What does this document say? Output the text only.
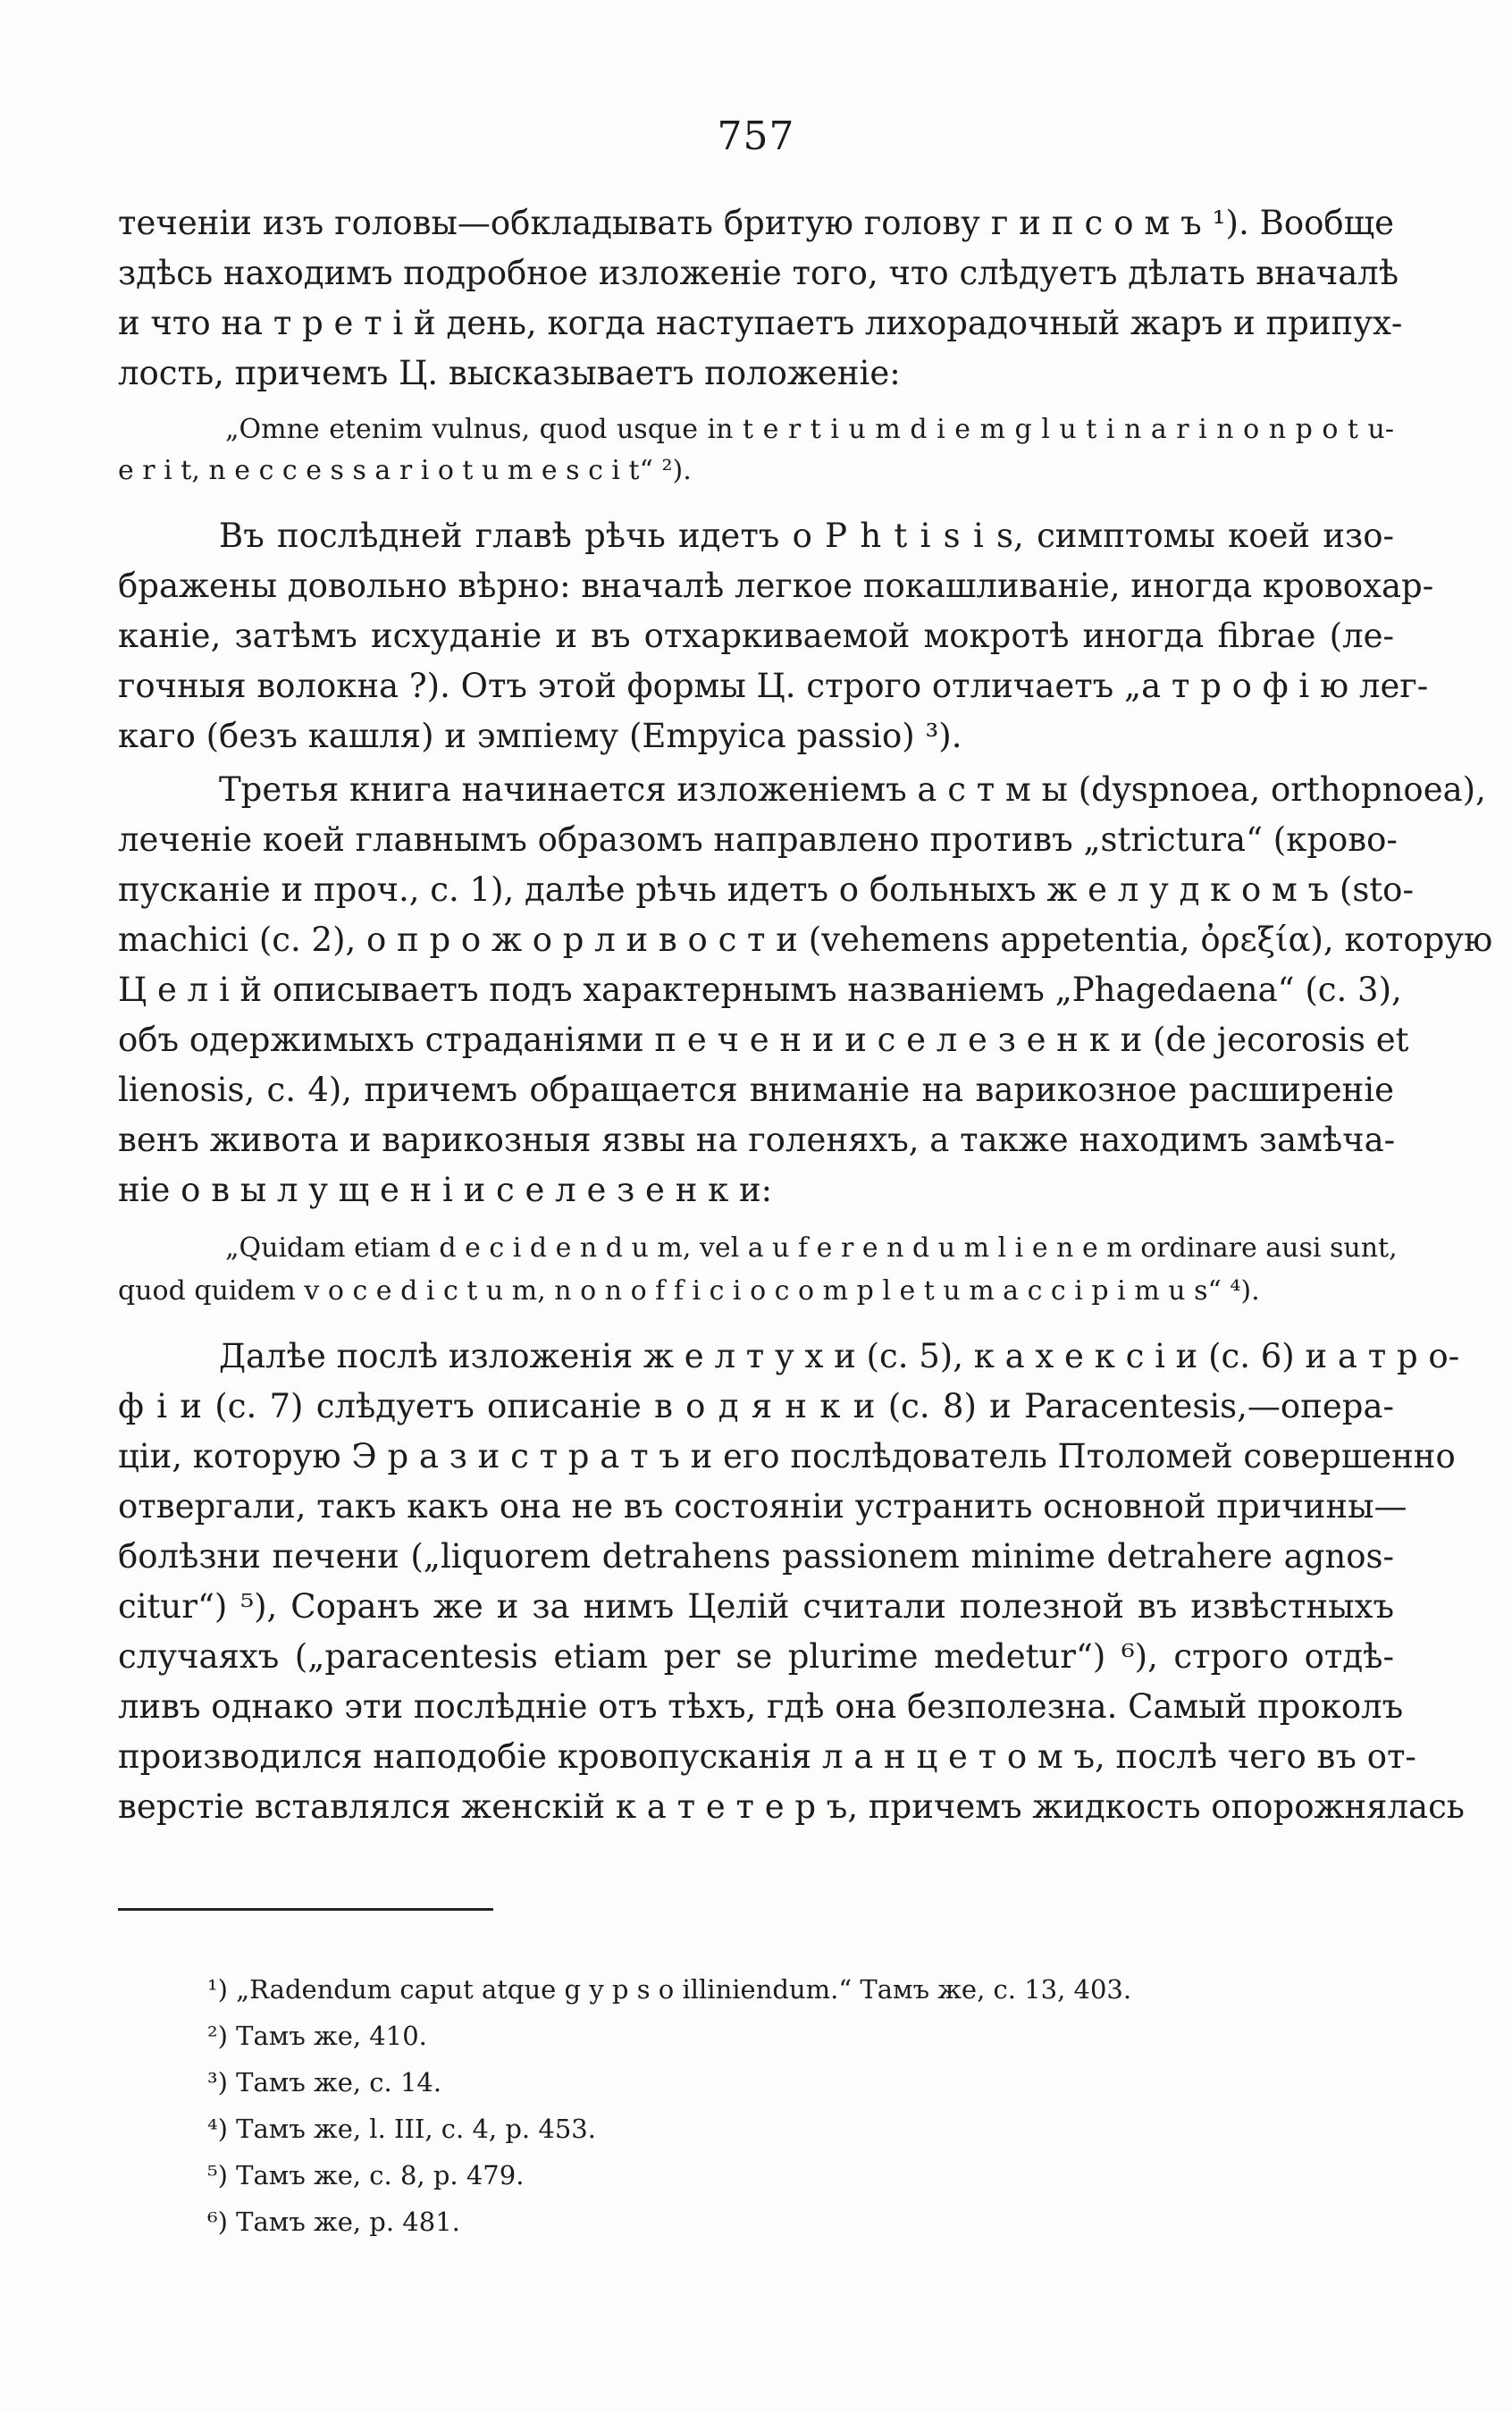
757
теченіи изъ головы—обкладывать бритую голову г и п с о м ъ ¹). Вообще
здѣсь находимъ подробное изложеніе того, что слѣдуетъ дѣлать вначалѣ
и что на т р е т і й день, когда наступаетъ лихорадочный жаръ и припух-
лость, причемъ Ц. высказываетъ положеніе:
„Omne etenim vulnus, quod usque in t e r t i u m d i e m g l u t i n a r i n o n p o t u-
e r i t, n e c c e s s a r i o t u m e s c i t“ ²).
Въ послѣдней главѣ рѣчь идетъ о P h t i s i s, симптомы коей изо-
бражены довольно вѣрно: вначалѣ легкое покашливаніе, иногда кровохар-
каніе, затѣмъ исхуданіе и въ отхаркиваемой мокротѣ иногда fibrae (ле-
гочныя волокна ?). Отъ этой формы Ц. строго отличаетъ „а т р о ф і ю лег-
каго (безъ кашля) и эмпіему (Empyica passio) ³).
Третья книга начинается изложеніемъ а с т м ы (dyspnoea, orthopnoea),
леченіе коей главнымъ образомъ направлено противъ „strictura“ (крово-
пусканіе и проч., с. 1), далѣе рѣчь идетъ о больныхъ ж е л у д к о м ъ (sto-
machici (с. 2), о п р о ж о р л и в о с т и (vehemens appetentia, ὀρεξία), которую
Ц е л і й описываетъ подъ характернымъ названіемъ „Phagedaena“ (с. 3),
объ одержимыхъ страданіями п е ч е н и и с е л е з е н к и (de jecorosis et
lienosis, с. 4), причемъ обращается вниманіе на варикозное расширеніе
венъ живота и варикозныя язвы на голеняхъ, а также находимъ замѣча-
ніе о в ы л у щ е н і и с е л е з е н к и:
„Quidam etiam d e c i d e n d u m, vel a u f e r e n d u m l i e n e m ordinare ausi sunt,
quod quidem v o c e d i c t u m, n o n o f f i c i o c o m p l e t u m a c c i p i m u s“ ⁴).
Далѣе послѣ изложенія ж е л т у х и (с. 5), к а х е к с і и (с. 6) и а т р о-
ф і и (с. 7) слѣдуетъ описаніе в о д я н к и (с. 8) и Paracentesis,—опера-
ціи, которую Э р а з и с т р а т ъ и его послѣдователь Птоломей совершенно
отвергали, такъ какъ она не въ состояніи устранить основной причины—
болѣзни печени („liquorem detrahens passionem minime detrahere agnos-
citur“) ⁵), Соранъ же и за нимъ Целій считали полезной въ извѣстныхъ
случаяхъ („paracentesis etiam per se plurime medetur“) ⁶), строго отдѣ-
ливъ однако эти послѣдніе отъ тѣхъ, гдѣ она безполезна. Самый проколъ
производился наподобіе кровопусканія л а н ц е т о м ъ, послѣ чего въ от-
верстіе вставлялся женскій к а т е т е р ъ, причемъ жидкость опорожнялась
¹) „Radendum caput atque g y p s o illiniendum.“ Тамъ же, с. 13, 403.
²) Тамъ же, 410.
³) Тамъ же, с. 14.
⁴) Тамъ же, l. III, с. 4, р. 453.
⁵) Тамъ же, с. 8, р. 479.
⁶) Тамъ же, р. 481.
